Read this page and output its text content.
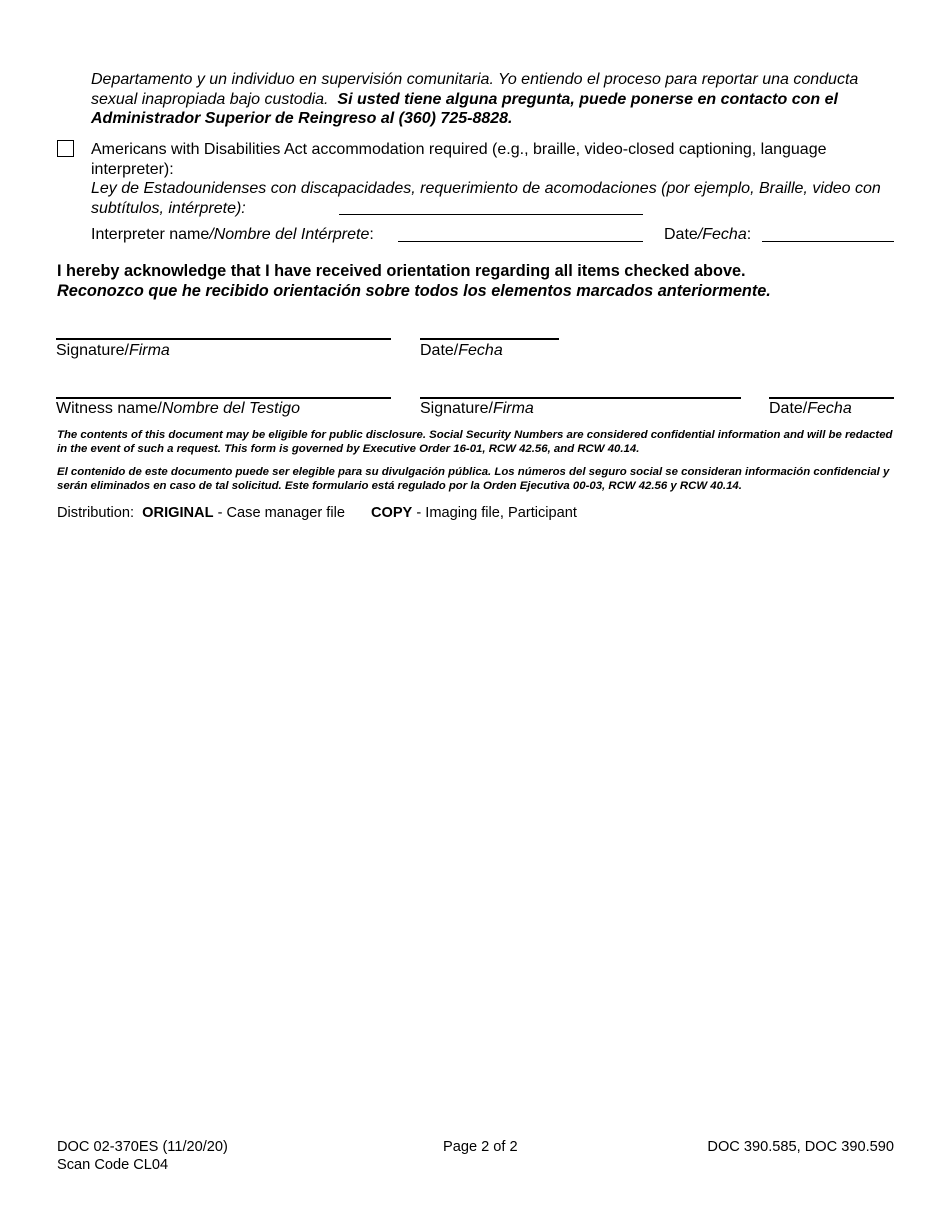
Departamento y un individuo en supervisión comunitaria. Yo entiendo el proceso para reportar una conducta sexual inapropiada bajo custodia. Si usted tiene alguna pregunta, puede ponerse en contacto con el Administrador Superior de Reingreso al (360) 725-8828.
Americans with Disabilities Act accommodation required (e.g., braille, video-closed captioning, language interpreter):
Ley de Estadounidenses con discapacidades, requerimiento de acomodaciones (por ejemplo, Braille, video con subtítulos, intérprete):
Interpreter name/Nombre del Intérprete:	Date/Fecha:
I hereby acknowledge that I have received orientation regarding all items checked above.
Reconozco que he recibido orientación sobre todos los elementos marcados anteriormente.
Signature/Firma	Date/Fecha
Witness name/Nombre del Testigo	Signature/Firma	Date/Fecha
The contents of this document may be eligible for public disclosure. Social Security Numbers are considered confidential information and will be redacted in the event of such a request. This form is governed by Executive Order 16-01, RCW 42.56, and RCW 40.14.
El contenido de este documento puede ser elegible para su divulgación pública. Los números del seguro social se consideran información confidencial y serán eliminados en caso de tal solicitud. Este formulario está regulado por la Orden Ejecutiva 00-03, RCW 42.56 y RCW 40.14.
Distribution: ORIGINAL - Case manager file COPY - Imaging file, Participant
DOC 02-370ES (11/20/20)
Scan Code CL04
Page 2 of 2	DOC 390.585, DOC 390.590
